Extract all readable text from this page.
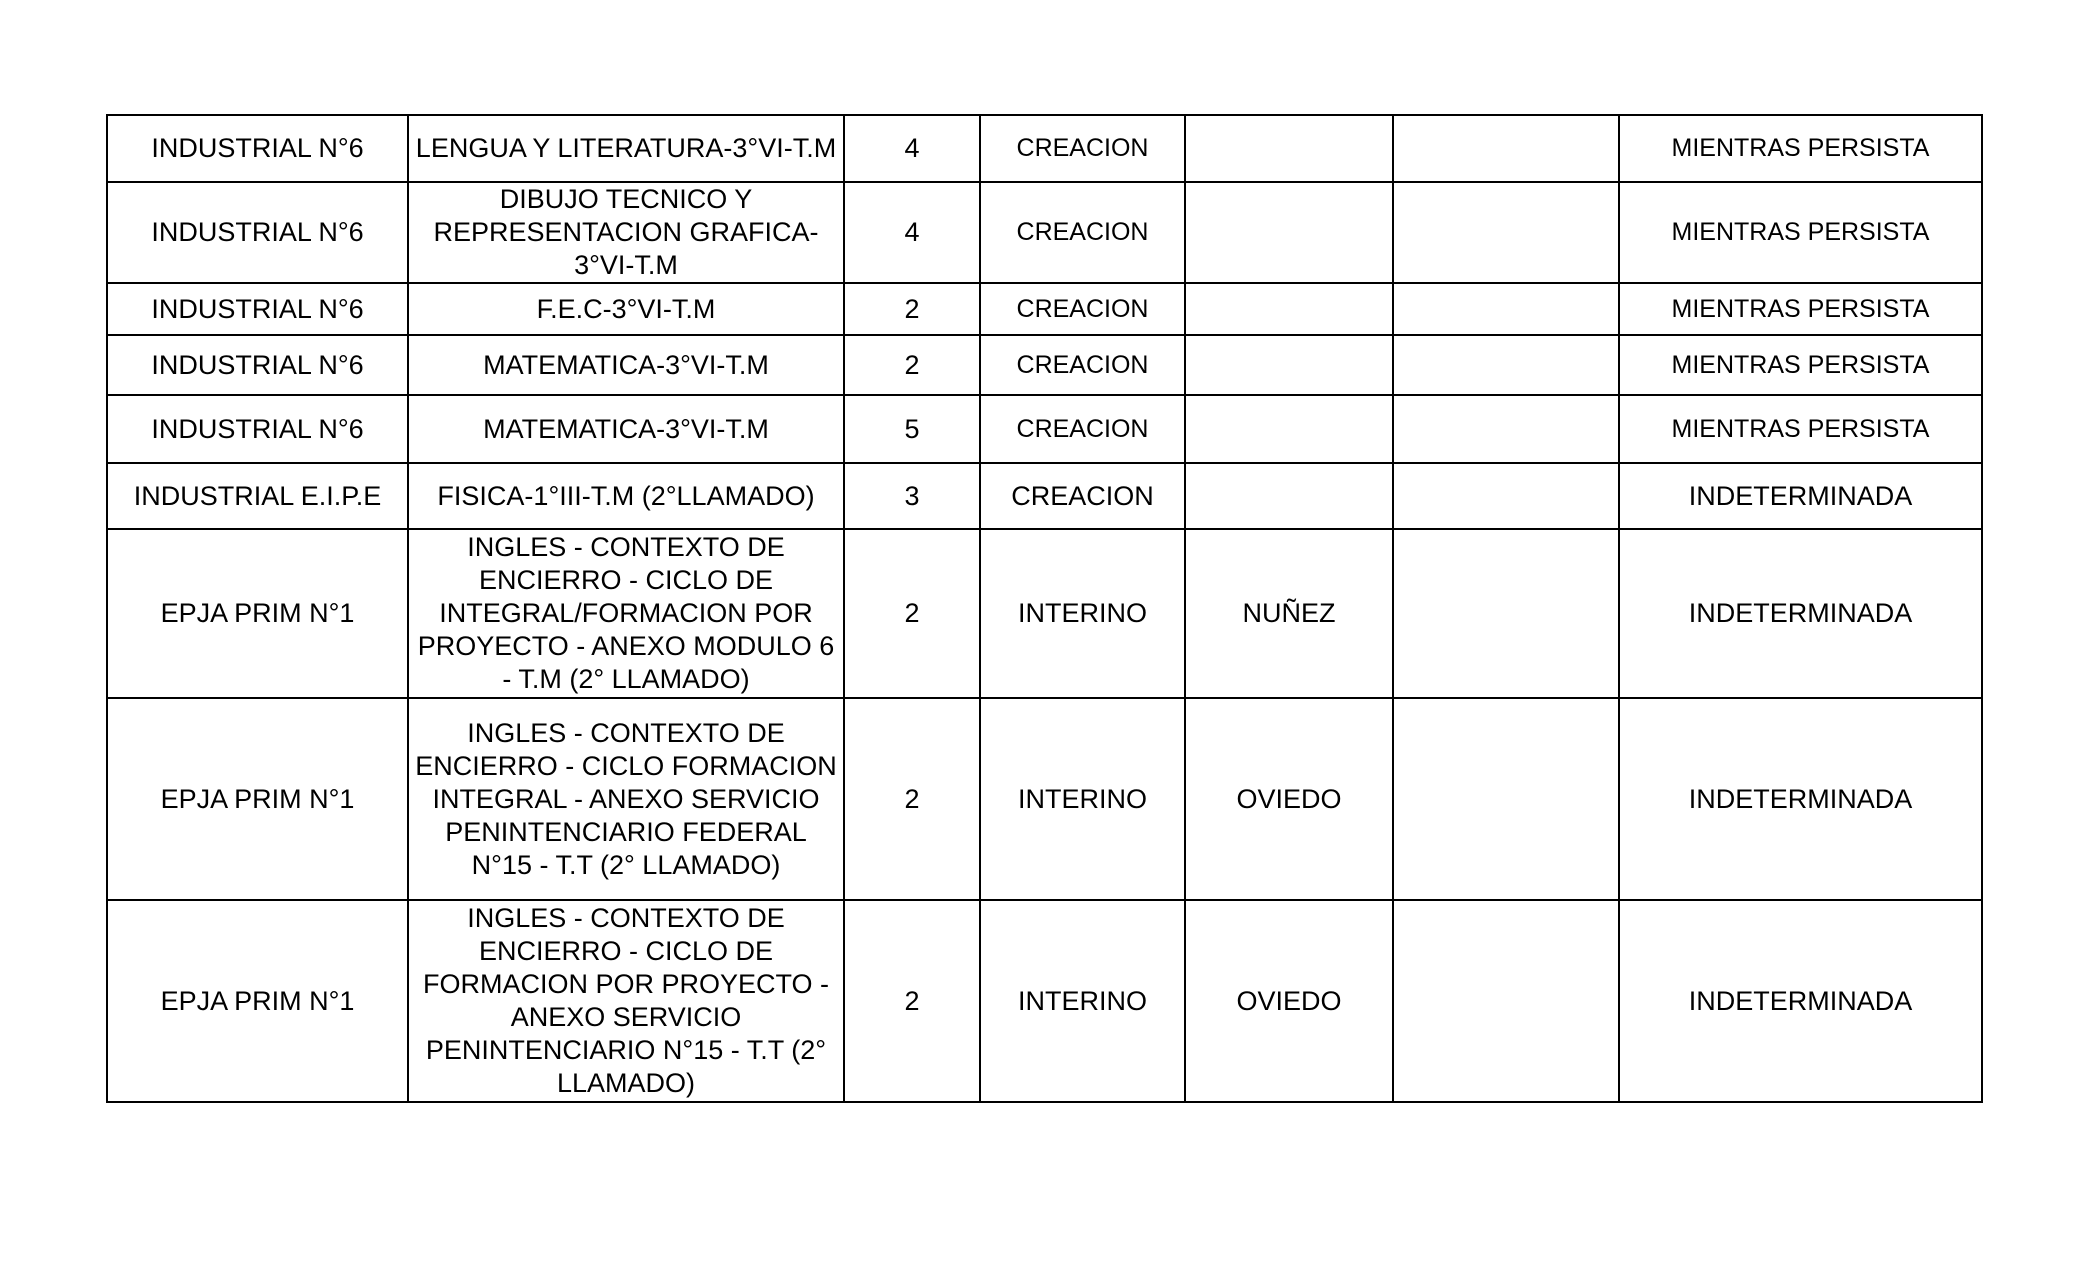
INDUSTRIAL N°6	LENGUA Y LITERATURA-3°VI-T.M	4	CREACION			MIENTRAS PERSISTA
INDUSTRIAL N°6	DIBUJO TECNICO Y REPRESENTACION GRAFICA-3°VI-T.M	4	CREACION			MIENTRAS PERSISTA
INDUSTRIAL N°6	F.E.C-3°VI-T.M	2	CREACION			MIENTRAS PERSISTA
INDUSTRIAL N°6	MATEMATICA-3°VI-T.M	2	CREACION			MIENTRAS PERSISTA
INDUSTRIAL N°6	MATEMATICA-3°VI-T.M	5	CREACION			MIENTRAS PERSISTA
INDUSTRIAL E.I.P.E	FISICA-1°III-T.M (2°LLAMADO)	3	CREACION			INDETERMINADA
EPJA PRIM N°1	INGLES - CONTEXTO DE ENCIERRO - CICLO DE INTEGRAL/FORMACION POR PROYECTO - ANEXO MODULO 6 - T.M (2° LLAMADO)	2	INTERINO	NUÑEZ		INDETERMINADA
EPJA PRIM N°1	INGLES - CONTEXTO DE ENCIERRO - CICLO FORMACION INTEGRAL - ANEXO SERVICIO PENINTENCIARIO FEDERAL N°15 - T.T (2° LLAMADO)	2	INTERINO	OVIEDO		INDETERMINADA
EPJA PRIM N°1	INGLES - CONTEXTO DE ENCIERRO - CICLO DE FORMACION POR PROYECTO - ANEXO SERVICIO PENINTENCIARIO N°15 - T.T (2° LLAMADO)	2	INTERINO	OVIEDO		INDETERMINADA
